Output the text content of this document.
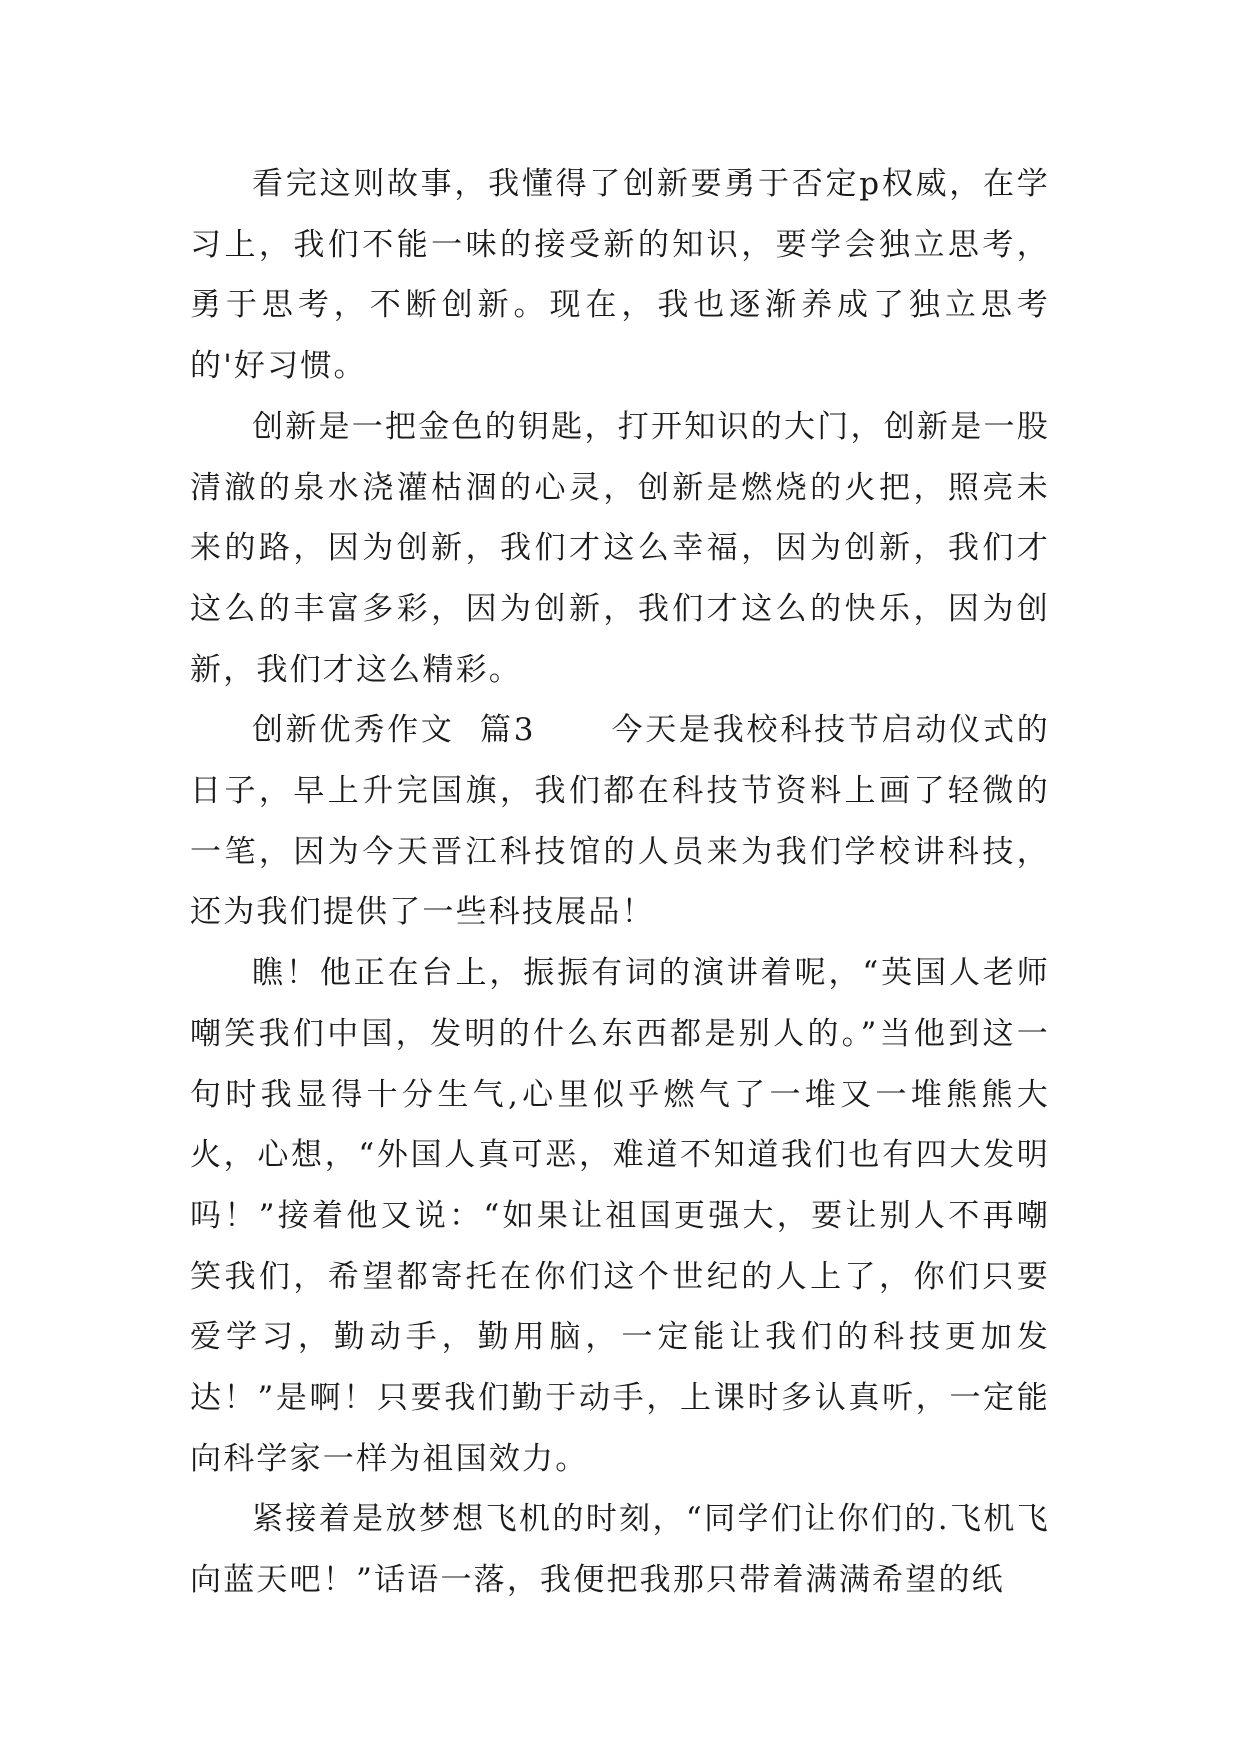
看完这则故事，我懂得了创新要勇于否定p权威，在学习上，我们不能一味的接受新的知识，要学会独立思考，勇于思考，不断创新。现在，我也逐渐养成了独立思考的'好习惯。

创新是一把金色的钥匙，打开知识的大门，创新是一股清澈的泉水浇灌枯涸的心灵，创新是燃烧的火把，照亮未来的路，因为创新，我们才这么幸福，因为创新，我们才这么的丰富多彩，因为创新，我们才这么的快乐，因为创新，我们才这么精彩。

创新优秀作文  篇3      今天是我校科技节启动仪式的日子，早上升完国旗，我们都在科技节资料上画了轻微的一笔，因为今天晋江科技馆的人员来为我们学校讲科技，还为我们提供了一些科技展品！

瞧！他正在台上，振振有词的演讲着呢，“英国人老师嘲笑我们中国，发明的什么东西都是别人的。”当他到这一句时我显得十分生气,心里似乎燃气了一堆又一堆熊熊大火，心想，“外国人真可恶，难道不知道我们也有四大发明吗！”接着他又说：“如果让祖国更强大，要让别人不再嘲笑我们，希望都寄托在你们这个世纪的人上了，你们只要爱学习，勤动手，勤用脑，一定能让我们的科技更加发达！”是啊！只要我们勤于动手，上课时多认真听，一定能向科学家一样为祖国效力。

紧接着是放梦想飞机的时刻，“同学们让你们的.飞机飞向蓝天吧！”话语一落，我便把我那只带着满满希望的纸
